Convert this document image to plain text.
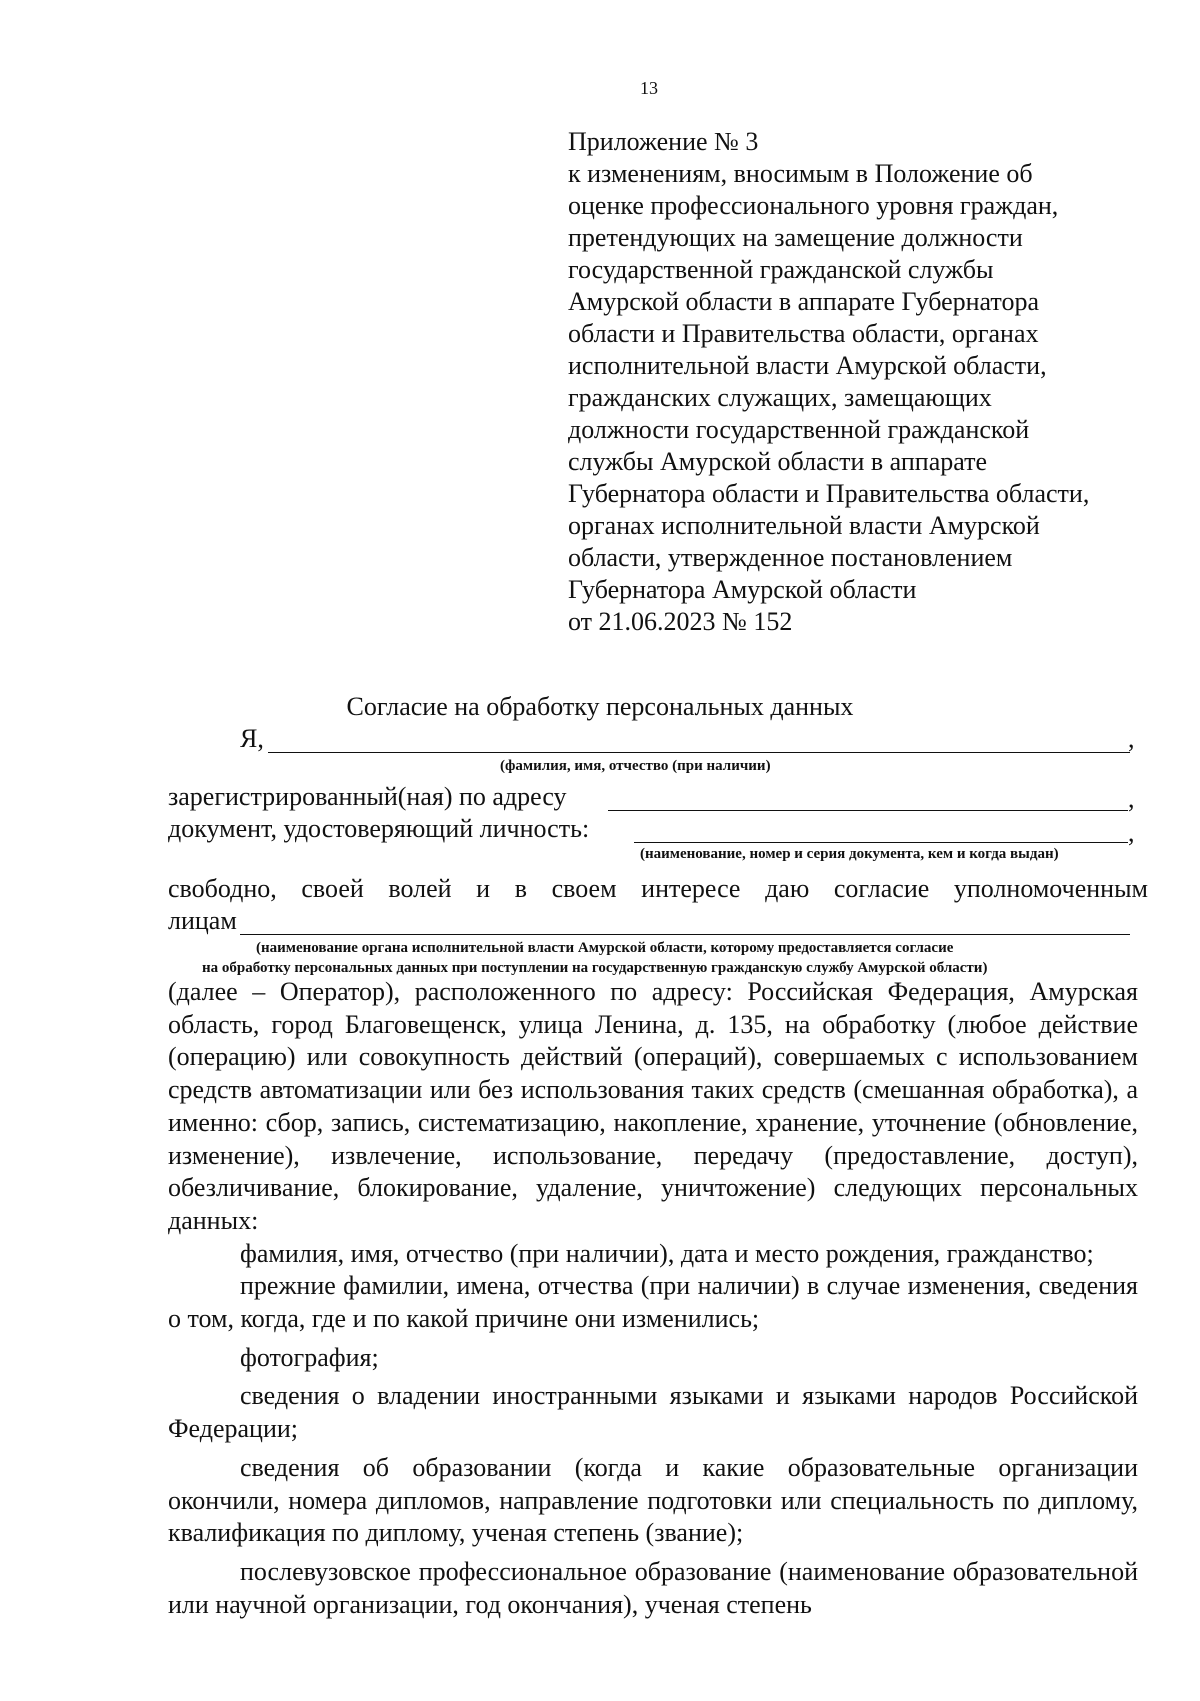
13
Приложение № 3
к изменениям, вносимым в Положение об
оценке профессионального уровня граждан,
претендующих на замещение должности
государственной гражданской службы
Амурской области в аппарате Губернатора
области и Правительства области, органах
исполнительной власти Амурской области,
гражданских служащих, замещающих
должности государственной гражданской
службы Амурской области в аппарате
Губернатора области и Правительства области,
органах исполнительной власти Амурской
области, утвержденное постановлением
Губернатора Амурской области
от 21.06.2023 № 152
Согласие на обработку персональных данных
Я,	,
(фамилия, имя, отчество (при наличии)
зарегистрированный(ная) по адресу	,
документ, удостоверяющий личность:	,
(наименование, номер и серия документа, кем и когда выдан)
свободно, своей волей и в своем интересе даю согласие уполномоченным
лицам
(наименование органа исполнительной власти Амурской области, которому предоставляется согласие
на обработку персональных данных при поступлении на государственную гражданскую службу Амурской области)

(далее – Оператор), расположенного по адресу: Российская Федерация, Амурская область, город Благовещенск, улица Ленина, д. 135, на обработку (любое действие (операцию) или совокупность действий (операций), совершаемых с использованием средств автоматизации или без использования таких средств (смешанная обработка), а именно: сбор, запись, систематизацию, накопление, хранение, уточнение (обновление, изменение), извлечение, использование, передачу (предоставление, доступ), обезличивание, блокирование, удаление, уничтожение) следующих персональных данных:

фамилия, имя, отчество (при наличии), дата и место рождения, гражданство;

прежние фамилии, имена, отчества (при наличии) в случае изменения, сведения о том, когда, где и по какой причине они изменились;

фотография;

сведения о владении иностранными языками и языками народов Российской Федерации;

сведения об образовании (когда и какие образовательные организации окончили, номера дипломов, направление подготовки или специальность по диплому, квалификация по диплому, ученая степень (звание);

послевузовское профессиональное образование (наименование образовательной или научной организации, год окончания), ученая степень
